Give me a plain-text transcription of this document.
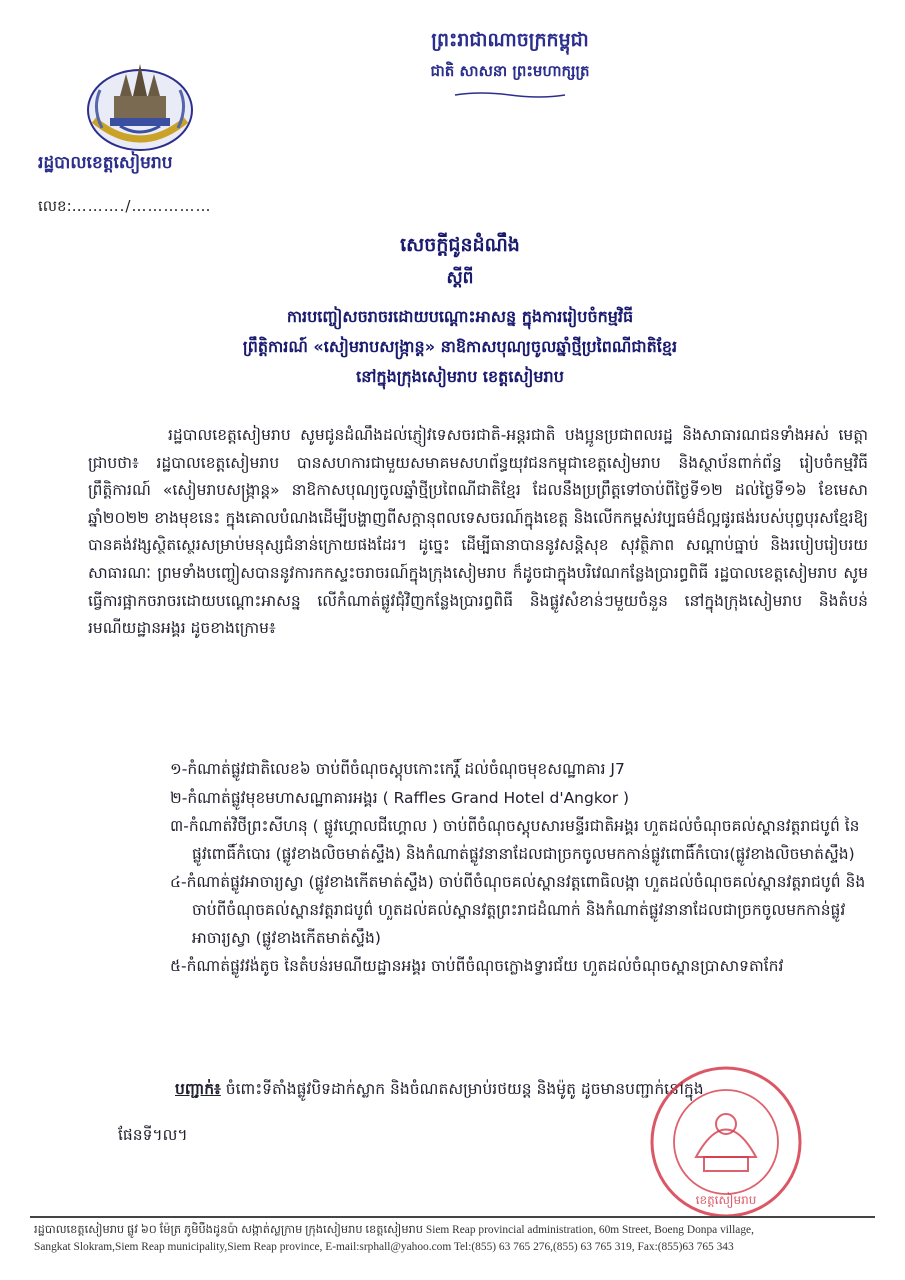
ព្រះរាជាណាចក្រកម្ពុជា
ជាតិ សាសនា ព្រះមហាក្សត្រ
រដ្ឋបាលខេត្តសៀមរាប
លេខ:………./……………
សេចក្តីជូនដំណឹង
ស្តីពី
ការបញ្ចៀសចរាចរដោយបណ្តោះអាសន្ន ក្នុងការរៀបចំកម្មវិធី
ព្រឹត្តិការណ៍ «សៀមរាបសង្ក្រាន្ត» នាឱកាសបុណ្យចូលឆ្នាំថ្មីប្រពៃណីជាតិខ្មែរ
នៅក្នុងក្រុងសៀមរាប ខេត្តសៀមរាប

រដ្ឋបាលខេត្តសៀមរាប សូមជូនដំណឹងដល់ភ្ញៀវទេសចរជាតិ-អន្តរជាតិ បងប្អូនប្រជាពលរដ្ឋ និងសាធារណជនទាំងអស់ មេត្តាជ្រាបថា៖ រដ្ឋបាលខេត្តសៀមរាប បានសហការជាមួយសមាគមសហព័ន្ធយុវជនកម្ពុជាខេត្តសៀមរាប និងស្ថាប័នពាក់ព័ន្ធ រៀបចំកម្មវិធីព្រឹត្តិការណ៍ «សៀមរាបសង្ក្រាន្ត» នាឱកាសបុណ្យចូលឆ្នាំថ្មីប្រពៃណីជាតិខ្មែរ ដែលនឹងប្រព្រឹត្តទៅចាប់ពីថ្ងៃទី១២ ដល់ថ្ងៃទី១៦ ខែមេសា ឆ្នាំ២០២២ ខាងមុខនេះ ក្នុងគោលបំណងដើម្បីបង្ហាញពីសក្តានុពលទេសចរណ៍ក្នុងខេត្ត និងលើកកម្ពស់វប្បធម៌ដ៏ល្អផូរផង់របស់បុព្វបុរសខ្មែរឱ្យបានគង់វង្សស្ថិតស្ថេរសម្រាប់មនុស្សជំនាន់ក្រោយផងដែរ។ ដូច្នេះ ដើម្បីធានាបាននូវសន្តិសុខ សុវត្ថិភាព សណ្តាប់ធ្នាប់ និងរបៀបរៀបរយសាធារណៈ ព្រមទាំងបញ្ចៀសបាននូវការកកស្ទះចរាចរណ៍ក្នុងក្រុងសៀមរាប ក៏ដូចជាក្នុងបរិវេណកន្លែងប្រារព្ធពិធី រដ្ឋបាលខេត្តសៀមរាប សូមធ្វើការផ្អាកចរាចរដោយបណ្តោះអាសន្ន លើកំណាត់ផ្លូវជុំវិញកន្លែងប្រារព្ធពិធី និងផ្លូវសំខាន់ៗមួយចំនួន នៅក្នុងក្រុងសៀមរាប និងតំបន់រមណីយដ្ឋានអង្គរ ដូចខាងក្រោម៖

១-កំណាត់ផ្លូវជាតិលេខ៦ ចាប់ពីចំណុចស្តុបកោះកេរ្តិ៍ ដល់ចំណុចមុខសណ្ឋាគារ J7

២-កំណាត់ផ្លូវមុខមហាសណ្ឋាគារអង្គរ ( Raffles Grand Hotel d'Angkor )

៣-កំណាត់វិថីព្រះសីហនុ ( ផ្លូវហ្គោលជីហ្គោល ) ចាប់ពីចំណុចស្តុបសារមន្ទីរជាតិអង្គរ ហួតដល់ចំណុចគល់ស្ពានវត្តរាជបូព៌ នៃផ្លូវពោធិ៍កំបោរ (ផ្លូវខាងលិចមាត់ស្ទឹង) និងកំណាត់ផ្លូវនានាដែលជាច្រកចូលមកកាន់ផ្លូវពោធិ៍កំបោរ(ផ្លូវខាងលិចមាត់ស្ទឹង)

៤-កំណាត់ផ្លូវអាចារ្យស្វា (ផ្លូវខាងកើតមាត់ស្ទឹង) ចាប់ពីចំណុចគល់ស្ពានវត្តពោធិលង្កា ហួតដល់ចំណុចគល់ស្ពានវត្តរាជបូព៌ និងចាប់ពីចំណុចគល់ស្ពានវត្តរាជបូព៌ ហួតដល់គល់ស្ពានវត្តព្រះរាជដំណាក់ និងកំណាត់ផ្លូវនានាដែលជាច្រកចូលមកកាន់ផ្លូវអាចារ្យស្វា (ផ្លូវខាងកើតមាត់ស្ទឹង)

៥-កំណាត់ផ្លូវវង់តូច នៃតំបន់រមណីយដ្ឋានអង្គរ ចាប់ពីចំណុចក្លោងទ្វារជ័យ ហួតដល់ចំណុចស្ពានប្រាសាទតាកែវ

បញ្ជាក់៖ ចំពោះទីតាំងផ្លូវបិទដាក់ស្លាក និងចំណតសម្រាប់រថយន្ត និងម៉ូតូ ដូចមានបញ្ជាក់នៅក្នុង
ផែនទី។ល។
ខេត្តសៀមរាប
រដ្ឋបាលខេត្តសៀមរាប ផ្លូវ ៦០ ម៉ែត្រ ភូមិបឹងដូនប៉ា សង្កាត់ស្លក្រាម ក្រុងសៀមរាប ខេត្តសៀមរាប Siem Reap provincial administration, 60m Street, Boeng Donpa village,
Sangkat Slokram,Siem Reap municipality,Siem Reap province, E-mail:srphall@yahoo.com Tel:(855) 63 765 276,(855) 63 765 319, Fax:(855)63 765 343
